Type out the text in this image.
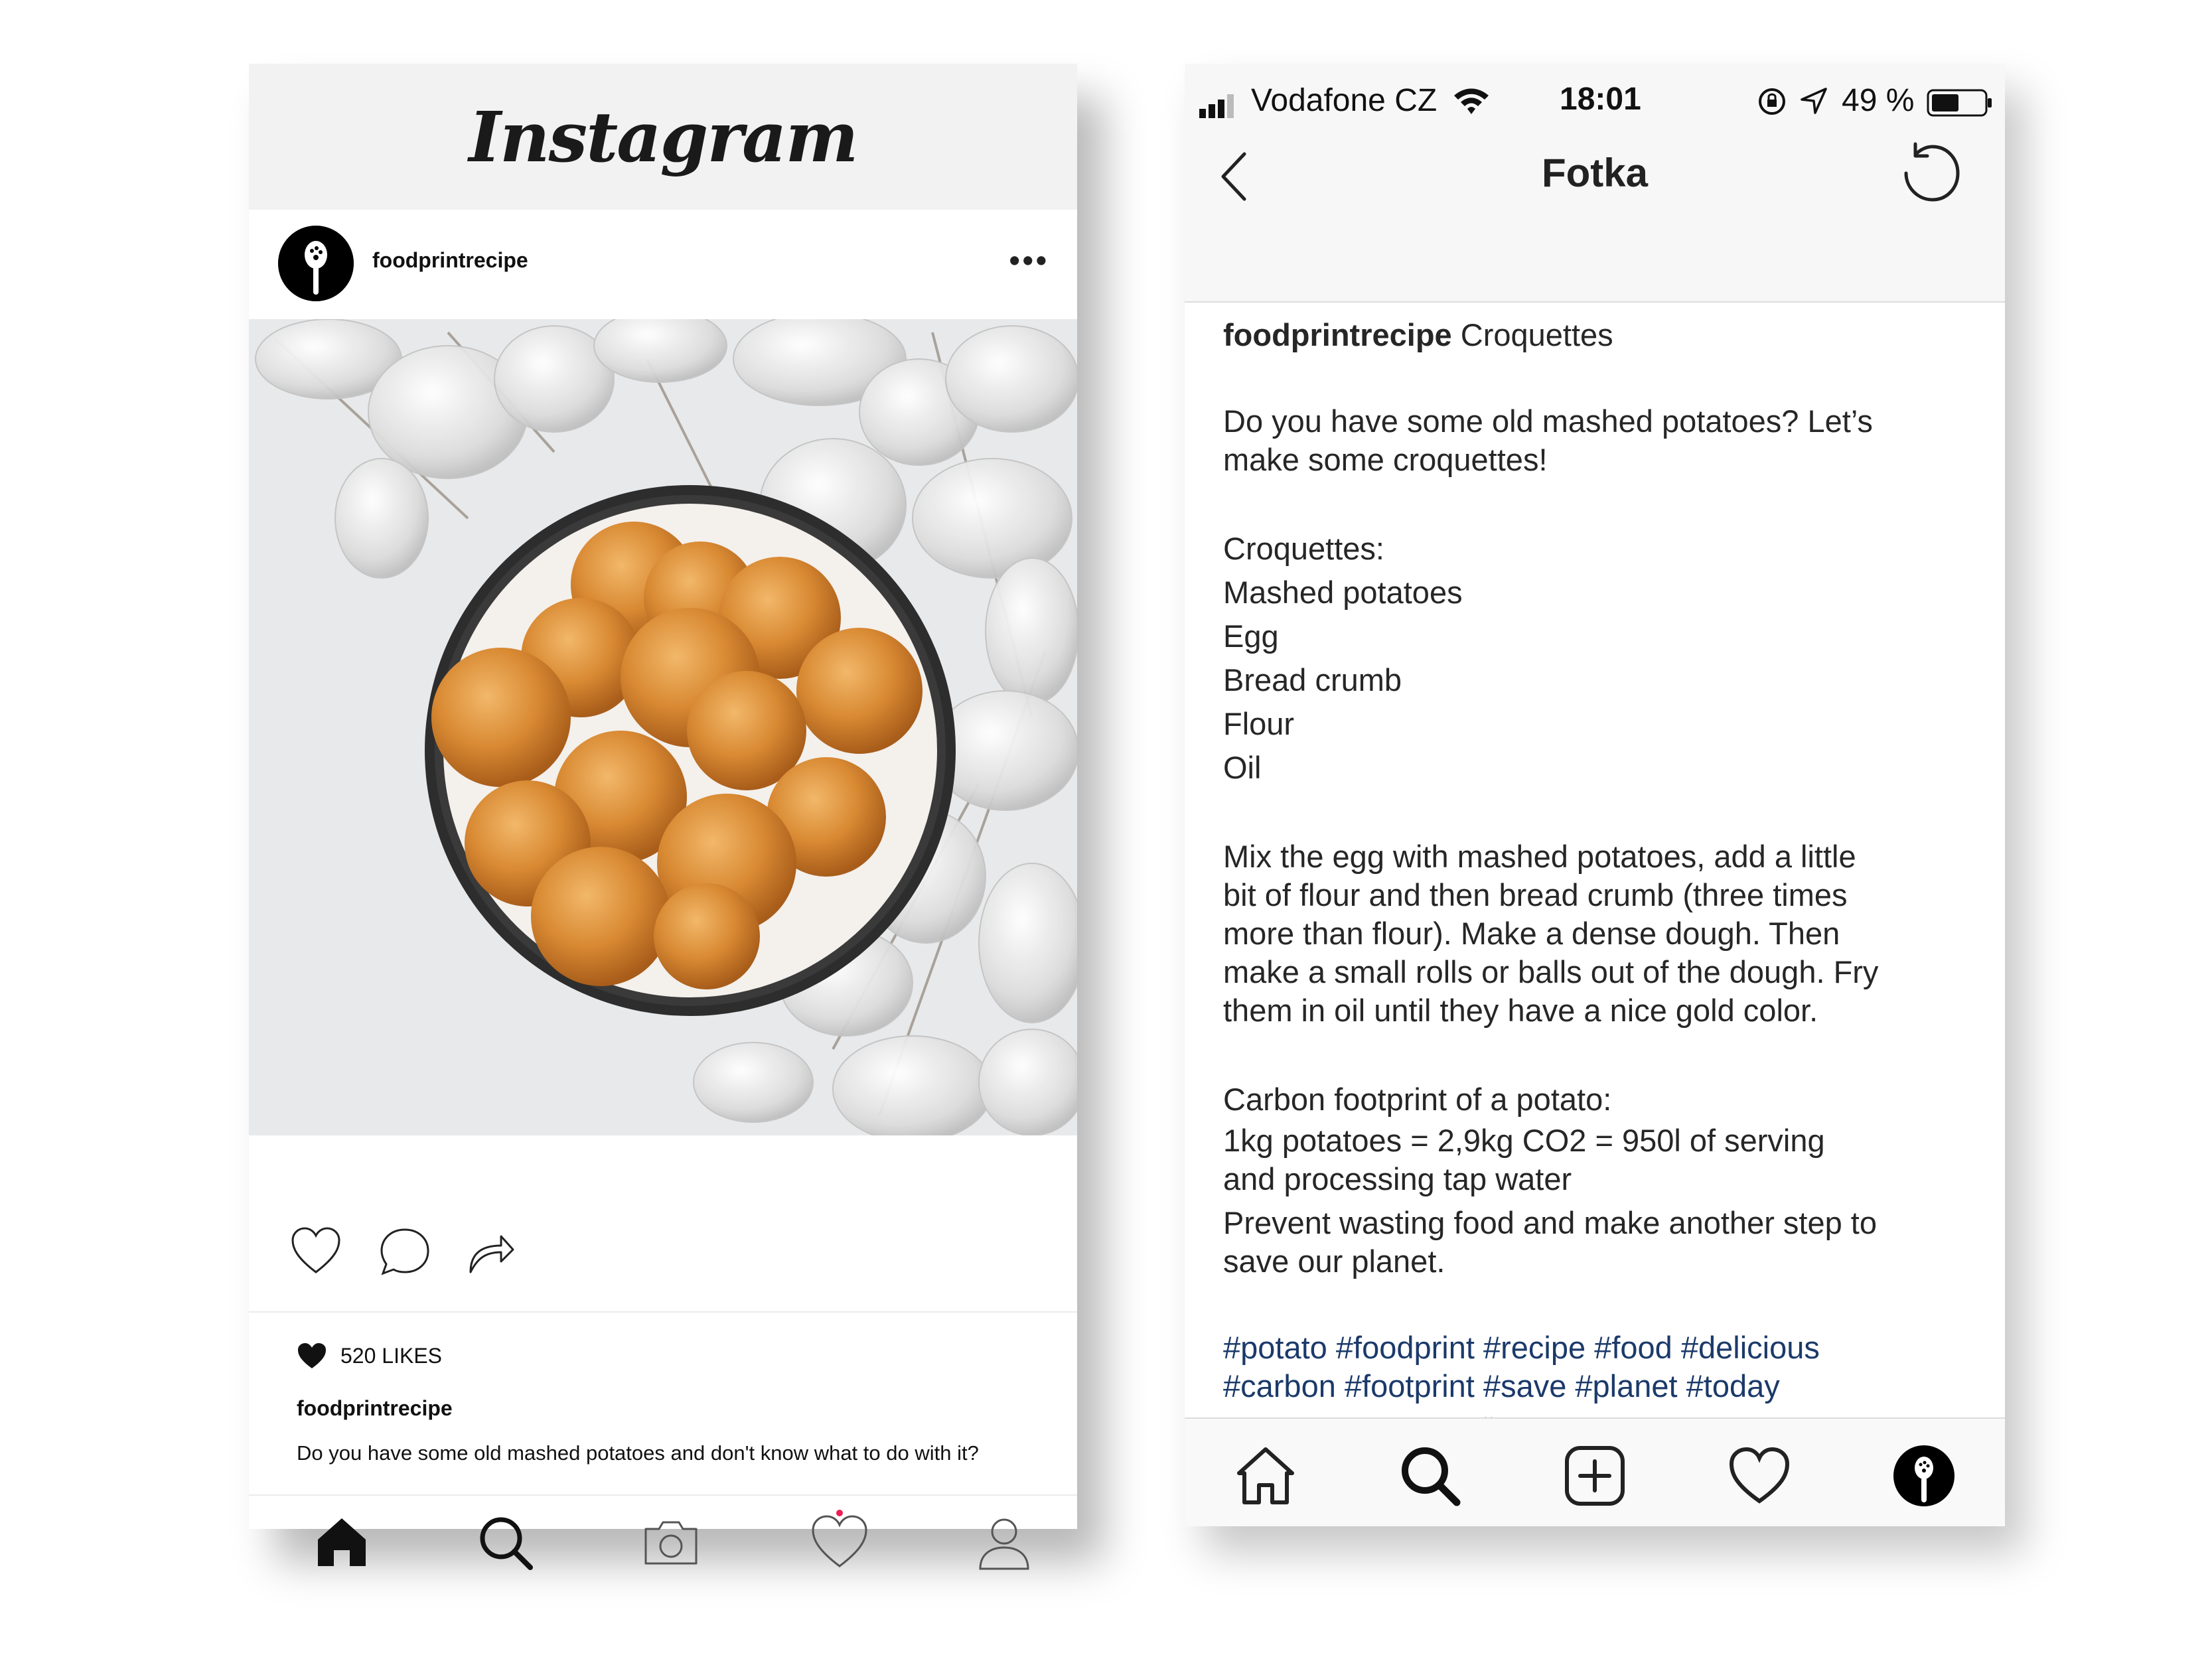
Instagram
foodprintrecipe	•••
520 LIKES
foodprintrecipe
Do you have some old mashed potatoes and don't know what to do with it?
Vodafone CZ	18:01	49 %
Fotka

foodprintrecipe Croquettes

Do you have some old mashed potatoes? Let’s

make some croquettes!

Croquettes:

Mashed potatoes

Egg

Bread crumb

Flour

Oil

Mix the egg with mashed potatoes, add a little

bit of flour and then bread crumb (three times

more than flour). Make a dense dough. Then

make a small rolls or balls out of the dough. Fry

them in oil until they have a nice gold color.

Carbon footprint of a potato:

1kg potatoes = 2,9kg CO2 = 950l of serving

and processing tap water

Prevent wasting food and make another step to

save our planet.

#potato #foodprint #recipe #food #delicious

#carbon #footprint #save #planet #today
